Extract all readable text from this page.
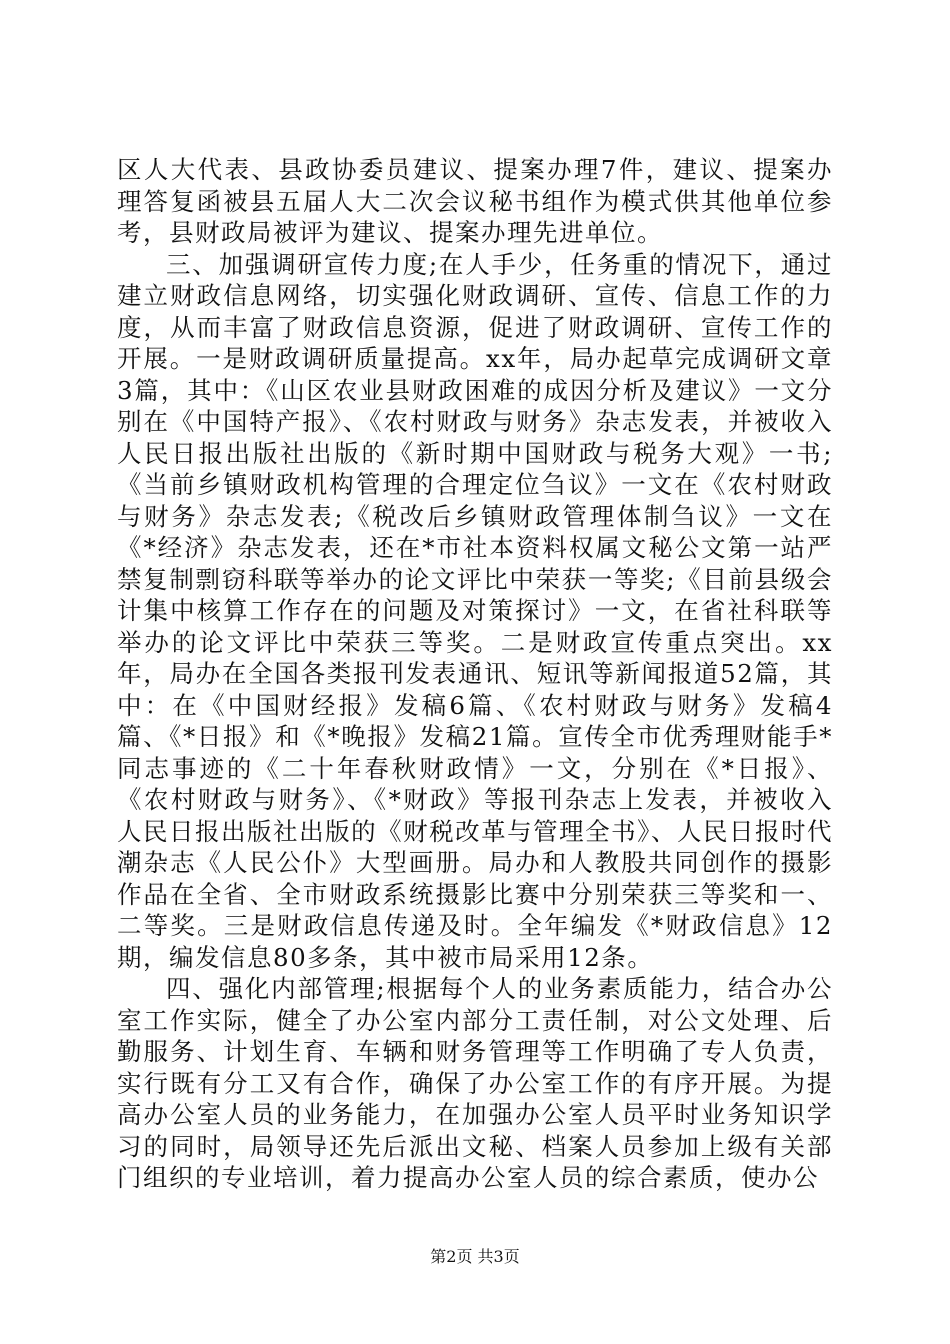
区人大代表、县政协委员建议、提案办理7件，建议、提案办理答复函被县五届人大二次会议秘书组作为模式供其他单位参考，县财政局被评为建议、提案办理先进单位。

三、加强调研宣传力度;在人手少，任务重的情况下，通过建立财政信息网络，切实强化财政调研、宣传、信息工作的力度，从而丰富了财政信息资源，促进了财政调研、宣传工作的开展。一是财政调研质量提高。xx年，局办起草完成调研文章3篇，其中：《山区农业县财政困难的成因分析及建议》一文分别在《中国特产报》、《农村财政与财务》杂志发表，并被收入人民日报出版社出版的《新时期中国财政与税务大观》一书;《当前乡镇财政机构管理的合理定位刍议》一文在《农村财政与财务》杂志发表;《税改后乡镇财政管理体制刍议》一文在《*经济》杂志发表，还在*市社本资料权属文秘公文第一站严禁复制剽窃科联等举办的论文评比中荣获一等奖;《目前县级会计集中核算工作存在的问题及对策探讨》一文，在省社科联等举办的论文评比中荣获三等奖。二是财政宣传重点突出。xx年，局办在全国各类报刊发表通讯、短讯等新闻报道52篇，其中：在《中国财经报》发稿6篇、《农村财政与财务》发稿4篇、《*日报》和《*晚报》发稿21篇。宣传全市优秀理财能手*同志事迹的《二十年春秋财政情》一文，分别在《*日报》、《农村财政与财务》、《*财政》等报刊杂志上发表，并被收入人民日报出版社出版的《财税改革与管理全书》、人民日报时代潮杂志《人民公仆》大型画册。局办和人教股共同创作的摄影作品在全省、全市财政系统摄影比赛中分别荣获三等奖和一、二等奖。三是财政信息传递及时。全年编发《*财政信息》12期，编发信息80多条，其中被市局采用12条。

四、强化内部管理;根据每个人的业务素质能力，结合办公室工作实际，健全了办公室内部分工责任制，对公文处理、后勤服务、计划生育、车辆和财务管理等工作明确了专人负责，实行既有分工又有合作，确保了办公室工作的有序开展。为提高办公室人员的业务能力，在加强办公室人员平时业务知识学习的同时，局领导还先后派出文秘、档案人员参加上级有关部门组织的专业培训，着力提高办公室人员的综合素质，使办公

第2页 共3页
